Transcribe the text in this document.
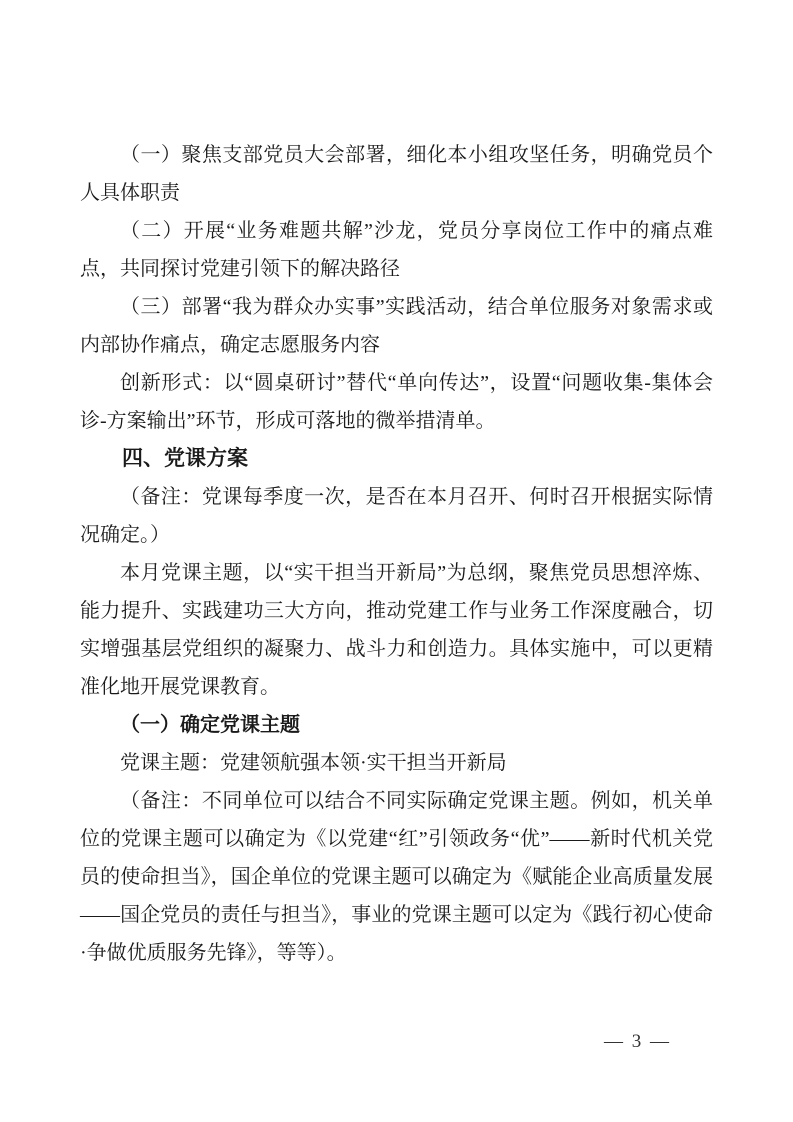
（一）聚焦支部党员大会部署，细化本小组攻坚任务，明确党员个人具体职责

（二）开展“业务难题共解”沙龙，党员分享岗位工作中的痛点难点，共同探讨党建引领下的解决路径

（三）部署“我为群众办实事”实践活动，结合单位服务对象需求或内部协作痛点，确定志愿服务内容

创新形式：以“圆桌研讨”替代“单向传达”，设置“问题收集-集体会诊-方案输出”环节，形成可落地的微举措清单。

四、党课方案

（备注：党课每季度一次，是否在本月召开、何时召开根据实际情况确定。）

本月党课主题，以“实干担当开新局”为总纲，聚焦党员思想淬炼、能力提升、实践建功三大方向，推动党建工作与业务工作深度融合，切实增强基层党组织的凝聚力、战斗力和创造力。具体实施中，可以更精准化地开展党课教育。

（一）确定党课主题

党课主题：党建领航强本领·实干担当开新局

（备注：不同单位可以结合不同实际确定党课主题。例如，机关单位的党课主题可以确定为《以党建“红”引领政务“优”——新时代机关党员的使命担当》，国企单位的党课主题可以确定为《赋能企业高质量发展——国企党员的责任与担当》，事业的党课主题可以定为《践行初心使命·争做优质服务先锋》，等等）。

— 3 —
